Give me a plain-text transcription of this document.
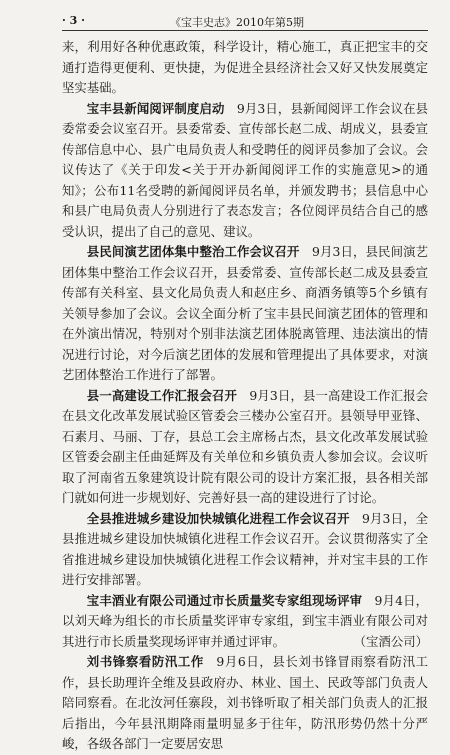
· 3 ·	《宝丰史志》2010年第5期

来，利用好各种优惠政策，科学设计，精心施工，真正把宝丰的交通打造得更便利、更快捷，为促进全县经济社会又好又快发展奠定坚实基础。

宝丰县新闻阅评制度启动  9月3日，县新闻阅评工作会议在县委常委会议室召开。县委常委、宣传部长赵二成、胡成义，县委宣传部信息中心、县广电局负责人和受聘任的阅评员参加了会议。会议传达了《关于印发<关于开办新闻阅评工作的实施意见>的通知》；公布11名受聘的新闻阅评员名单，并颁发聘书；县信息中心和县广电局负责人分别进行了表态发言；各位阅评员结合自己的感受认识，提出了自己的意见、建议。

县民间演艺团体集中整治工作会议召开  9月3日，县民间演艺团体集中整治工作会议召开，县委常委、宣传部长赵二成及县委宣传部有关科室、县文化局负责人和赵庄乡、商酒务镇等5个乡镇有关领导参加了会议。会议全面分析了宝丰县民间演艺团体的管理和在外演出情况，特别对个别非法演艺团体脱离管理、违法演出的情况进行讨论，对今后演艺团体的发展和管理提出了具体要求，对演艺团体整治工作进行了部署。

县一高建设工作汇报会召开  9月3日，县一高建设工作汇报会在县文化改革发展试验区管委会三楼办公室召开。县领导甲亚锋、石素月、马丽、丁存，县总工会主席杨占杰，县文化改革发展试验区管委会副主任曲延辉及有关单位和乡镇负责人参加会议。会议听取了河南省五象建筑设计院有限公司的设计方案汇报，县各相关部门就如何进一步规划好、完善好县一高的建设进行了讨论。

全县推进城乡建设加快城镇化进程工作会议召开  9月3日，全县推进城乡建设加快城镇化进程工作会议召开。会议贯彻落实了全省推进城乡建设加快城镇化进程工作会议精神，并对宝丰县的工作进行安排部署。

宝丰酒业有限公司通过市长质量奖专家组现场评审  9月4日，以刘天峰为组长的市长质量奖评审专家组，到宝丰酒业有限公司对其进行市长质量奖现场评审并通过评审。	（宝酒公司）

刘书锋察看防汛工作  9月6日，县长刘书锋冒雨察看防汛工作，县长助理许全维及县政府办、林业、国土、民政等部门负责人陪同察看。在北汝河任寨段，刘书锋听取了相关部门负责人的汇报后指出，今年县汛期降雨量明显多于往年，防汛形势仍然十分严峻，各级各部门一定要居安思
